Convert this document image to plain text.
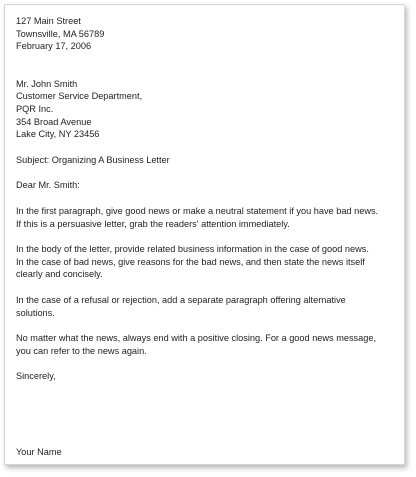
127 Main Street
Townsville, MA 56789
February 17, 2006
Mr. John Smith
Customer Service Department,
PQR Inc.
354 Broad Avenue
Lake City, NY 23456
Subject: Organizing A Business Letter
Dear Mr. Smith:
In the first paragraph, give good news or make a neutral statement if you have bad news.
If this is a persuasive letter, grab the readers' attention immediately.
In the body of the letter, provide related business information in the case of good news.
In the case of bad news, give reasons for the bad news, and then state the news itself
clearly and concisely.
In the case of a refusal or rejection, add a separate paragraph offering alternative
solutions.
No matter what the news, always end with a positive closing. For a good news message,
you can refer to the news again.
Sincerely,
Your Name
